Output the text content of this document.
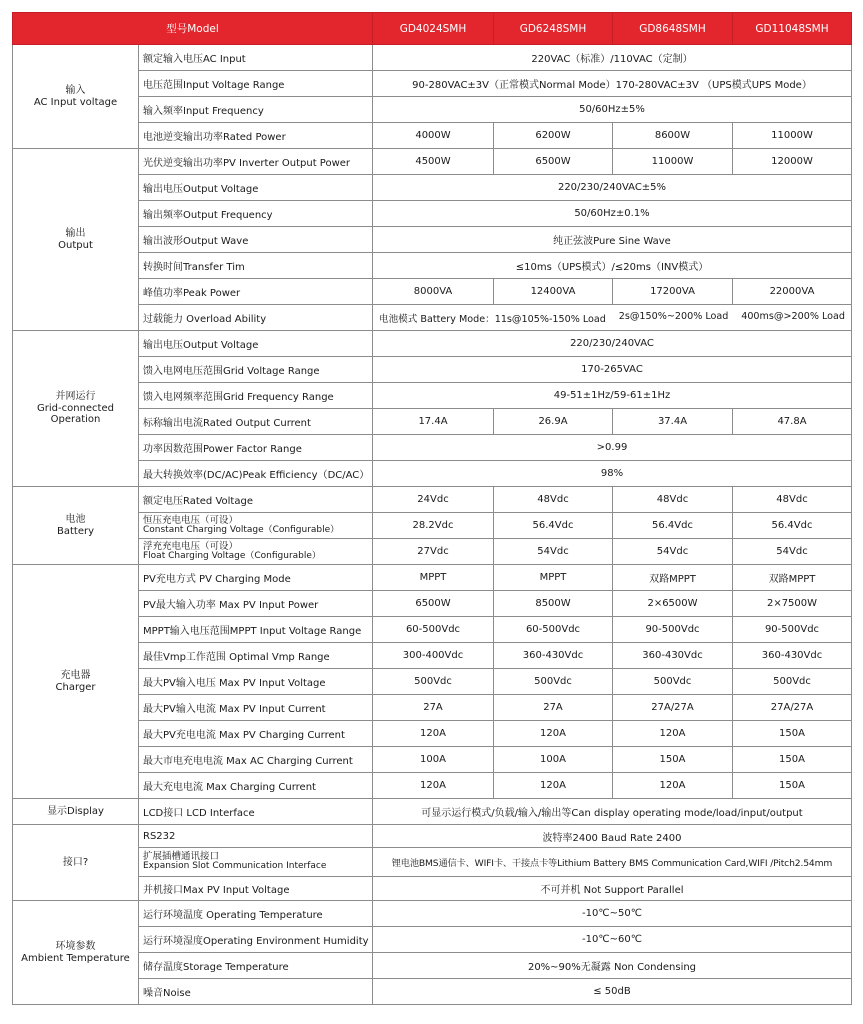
型号Model		GD4024SMH	GD6248SMH	GD8648SMH	GD11048SMH

输入
AC Input voltage	额定输入电压AC Input	220VAC（标准）/110VAC（定制）			
	电压范围Input Voltage Range	90-280VAC±3V（正常模式Normal Mode）170-280VAC±3V （UPS模式UPS Mode）			
	输入频率Input Frequency	50/60Hz±5%			
	电池逆变输出功率Rated Power	4000W	6200W	8600W	11000W

输出
Output	光伏逆变输出功率PV Inverter Output Power	4500W	6500W	11000W	12000W
	输出电压Output Voltage	220/230/240VAC±5%			
	输出频率Output Frequency	50/60Hz±0.1%			
	输出波形Output Wave	纯正弦波Pure Sine Wave			
	转换时间Transfer Tim	≤10ms（UPS模式）/≤20ms（INV模式）			
	峰值功率Peak Power	8000VA	12400VA	17200VA	22000VA
	过载能力 Overload Ability	电池模式 Battery Mode：11s@105%-150% Load 2s@150%~200% Load 400ms@>200% Load			

并网运行
Grid-connected
Operation	输出电压Output Voltage	220/230/240VAC			
	馈入电网电压范围Grid Voltage Range	170-265VAC			
	馈入电网频率范围Grid Frequency Range	49-51±1Hz/59-61±1Hz			
	标称输出电流Rated Output Current	17.4A	26.9A	37.4A	47.8A
	功率因数范围Power Factor Range	>0.99			
	最大转换效率(DC/AC)Peak Efficiency（DC/AC）	98%			

电池
Battery	额定电压Rated Voltage	24Vdc	48Vdc	48Vdc	48Vdc

	恒压充电电压（可设）
Constant Charging Voltage（Configurable）	28.2Vdc	56.4Vdc	56.4Vdc	56.4Vdc

	浮充充电电压（可设）
Float Charging Voltage（Configurable）	27Vdc	54Vdc	54Vdc	54Vdc

充电器
Charger	PV充电方式 PV Charging Mode	MPPT	MPPT	双路MPPT	双路MPPT
	PV最大输入功率 Max PV Input Power	6500W	8500W	2×6500W	2×7500W
	MPPT输入电压范围MPPT Input Voltage Range	60-500Vdc	60-500Vdc	90-500Vdc	90-500Vdc
	最佳Vmp工作范围 Optimal Vmp Range	300-400Vdc	360-430Vdc	360-430Vdc	360-430Vdc
	最大PV输入电压 Max PV Input Voltage	500Vdc	500Vdc	500Vdc	500Vdc
	最大PV输入电流 Max PV Input Current	27A	27A	27A/27A	27A/27A
	最大PV充电电流 Max PV Charging Current	120A	120A	120A	150A
	最大市电充电电流 Max AC Charging Current	100A	100A	150A	150A
	最大充电电流 Max Charging Current	120A	120A	120A	150A

显示Display	LCD接口 LCD Interface	可显示运行模式/负载/输入/输出等Can display operating mode/load/input/output			

接口?	RS232	波特率2400 Baud Rate 2400			

	扩展插槽通讯接口
Expansion Slot Communication Interface	锂电池BMS通信卡、WIFI卡、干接点卡等Lithium Battery BMS Communication Card,WIFI /Pitch2.54mm			
	并机接口Max PV Input Voltage	不可并机 Not Support Parallel			

环境参数
Ambient Temperature	运行环境温度 Operating Temperature	-10℃~50℃			
	运行环境湿度Operating Environment Humidity	-10℃~60℃			
	储存温度Storage Temperature	20%~90%无凝露 Non Condensing			
	噪音Noise	≤ 50dB			
